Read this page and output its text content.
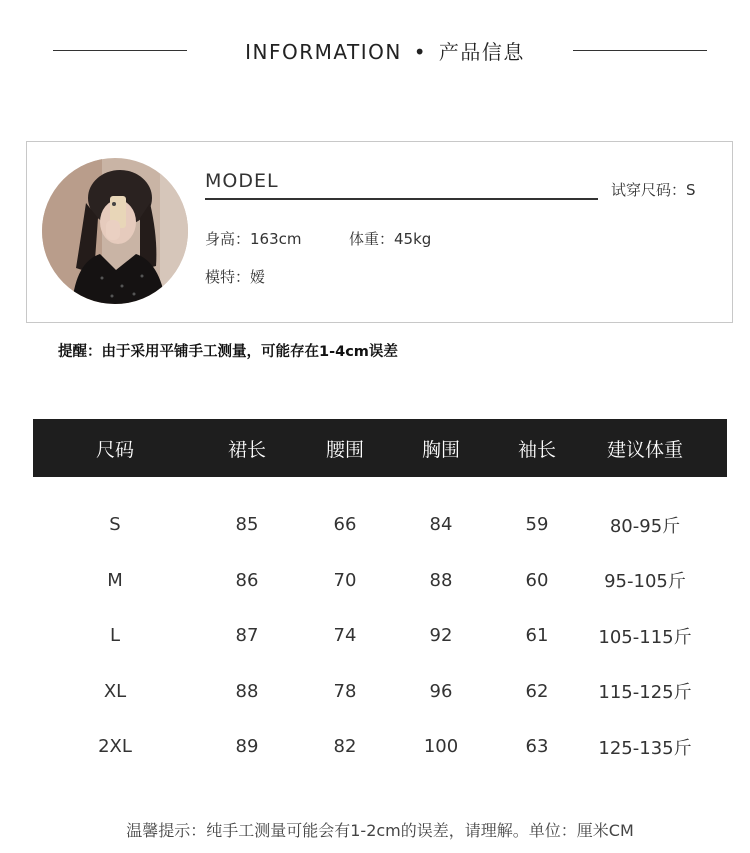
INFORMATION • 产品信息
MODEL	试穿尺码：S
身高：163cm	体重：45kg
模特：嫒
提醒：由于采用平铺手工测量，可能存在1-4cm误差
尺码	裙长	腰围	胸围	袖长	建议体重
S	85	66	84	59	80-95斤
M	86	70	88	60	95-105斤
L	87	74	92	61	105-115斤
XL	88	78	96	62	115-125斤
2XL	89	82	100	63	125-135斤
温馨提示：纯手工测量可能会有1-2cm的误差，请理解。单位：厘米CM
